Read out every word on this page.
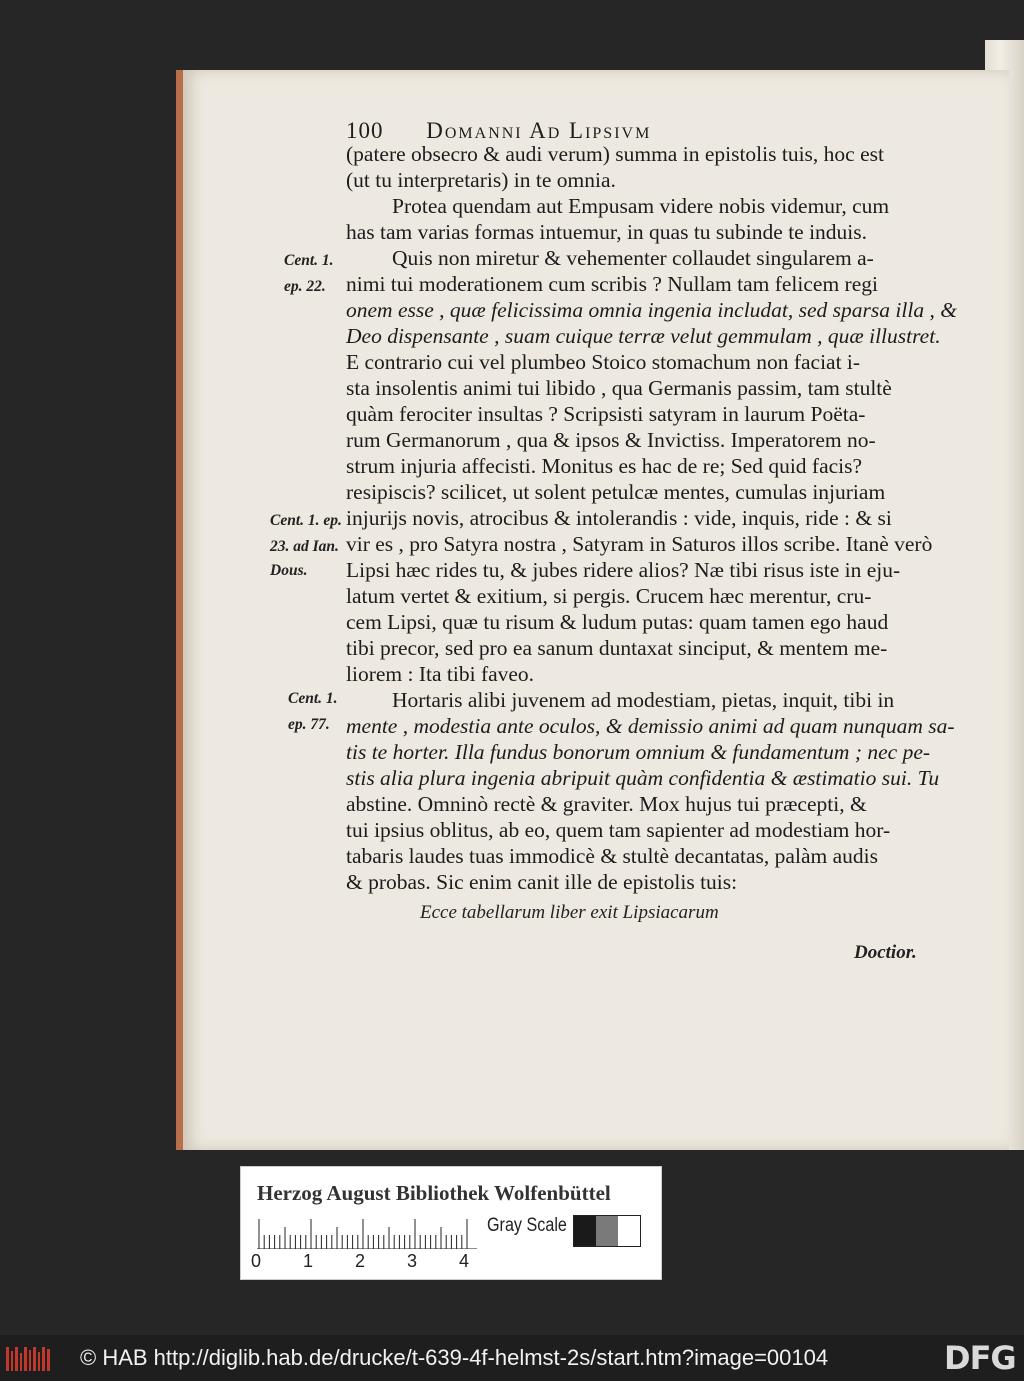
100 Domanni Ad Lipsivm
(patere obsecro & audi verum) summa in epistolis tuis, hoc est
(ut tu interpretaris) in te omnia.
Protea quendam aut Empusam videre nobis videmur, cum
has tam varias formas intuemur, in quas tu subinde te induis.
Quis non miretur & vehementer collaudet singularem a-
nimi tui moderationem cum scribis ? Nullam tam felicem regi
onem esse , quæ felicissima omnia ingenia includat, sed sparsa illa , &
Deo dispensante , suam cuique terræ velut gemmulam , quæ illustret.
E contrario cui vel plumbeo Stoico stomachum non faciat i-
sta insolentis animi tui libido , qua Germanis passim, tam stultè
quàm ferociter insultas ? Scripsisti satyram in laurum Poëta-
rum Germanorum , qua & ipsos & Invictiss. Imperatorem no-
strum injuria affecisti. Monitus es hac de re; Sed quid facis?
resipiscis? scilicet, ut solent petulcæ mentes, cumulas injuriam
injurijs novis, atrocibus & intolerandis : vide, inquis, ride : & si
vir es , pro Satyra nostra , Satyram in Saturos illos scribe. Itanè verò
Lipsi hæc rides tu, & jubes ridere alios? Næ tibi risus iste in eju-
latum vertet & exitium, si pergis. Crucem hæc merentur, cru-
cem Lipsi, quæ tu risum & ludum putas: quam tamen ego haud
tibi precor, sed pro ea sanum duntaxat sinciput, & mentem me-
liorem : Ita tibi faveo.
Hortaris alibi juvenem ad modestiam, pietas, inquit, tibi in
mente , modestia ante oculos, & demissio animi ad quam nunquam sa-
tis te horter. Illa fundus bonorum omnium & fundamentum ; nec pe-
stis alia plura ingenia abripuit quàm confidentia & æstimatio sui. Tu
abstine. Omninò rectè & graviter. Mox hujus tui præcepti, &
tui ipsius oblitus, ab eo, quem tam sapienter ad modestiam hor-
tabaris laudes tuas immodicè & stultè decantatas, palàm audis
& probas. Sic enim canit ille de epistolis tuis:
Ecce tabellarum liber exit Lipsiacarum
Doctior.
Cent. 1.
ep. 22.
Cent. 1. ep.
23. ad Ian.
Dous.
Cent. 1.
ep. 77.
Herzog August Bibliothek Wolfenbüttel
0 1 2 3 4
Gray Scale
© HAB http://diglib.hab.de/drucke/t-639-4f-helmst-2s/start.htm?image=00104	DFG
